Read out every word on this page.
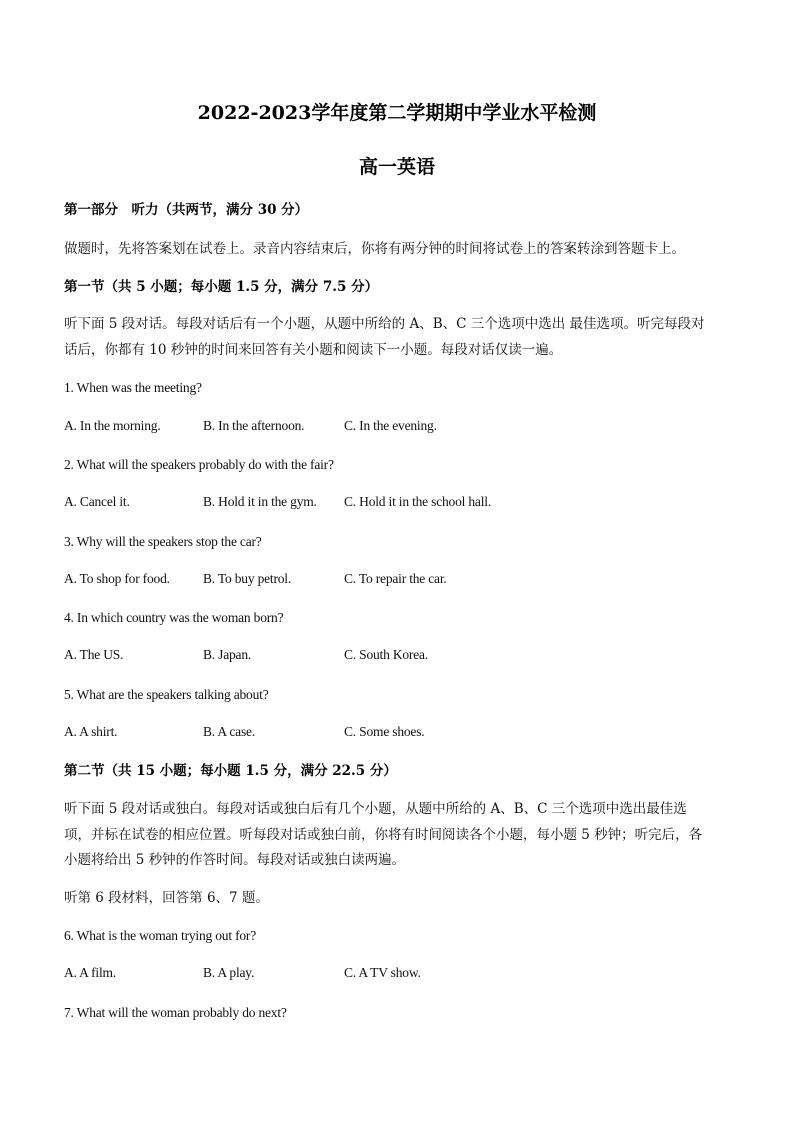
2022-2023学年度第二学期期中学业水平检测
高一英语
第一部分　听力（共两节，满分 30 分）
做题时，先将答案划在试卷上。录音内容结束后，你将有两分钟的时间将试卷上的答案转涂到答题卡上。
第一节（共 5 小题；每小题 1.5 分，满分 7.5 分）
听下面 5 段对话。每段对话后有一个小题，从题中所给的 A、B、C 三个选项中选出 最佳选项。听完每段对
话后，你都有 10 秒钟的时间来回答有关小题和阅读下一小题。每段对话仅读一遍。
1. When was the meeting?
A. In the morning.	B. In the afternoon.	C. In the evening.
2. What will the speakers probably do with the fair?
A. Cancel it.	B. Hold it in the gym. C. Hold it in the school hall.
3. Why will the speakers stop the car?
A. To shop for food. B. To buy petrol.	C. To repair the car.
4. In which country was the woman born?
A. The US.	B. Japan.	C. South Korea.
5. What are the speakers talking about?
A. A shirt.	B. A case.	C. Some shoes.
第二节（共 15 小题；每小题 1.5 分，满分 22.5 分）
听下面 5 段对话或独白。每段对话或独白后有几个小题，从题中所给的 A、B、C 三个选项中选出最佳选
项，并标在试卷的相应位置。听每段对话或独白前，你将有时间阅读各个小题，每小题 5 秒钟；听完后，各
小题将给出 5 秒钟的作答时间。每段对话或独白读两遍。
听第 6 段材料，回答第 6、7 题。
6. What is the woman trying out for?
A. A film.	B. A play.	C. A TV show.
7. What will the woman probably do next?
